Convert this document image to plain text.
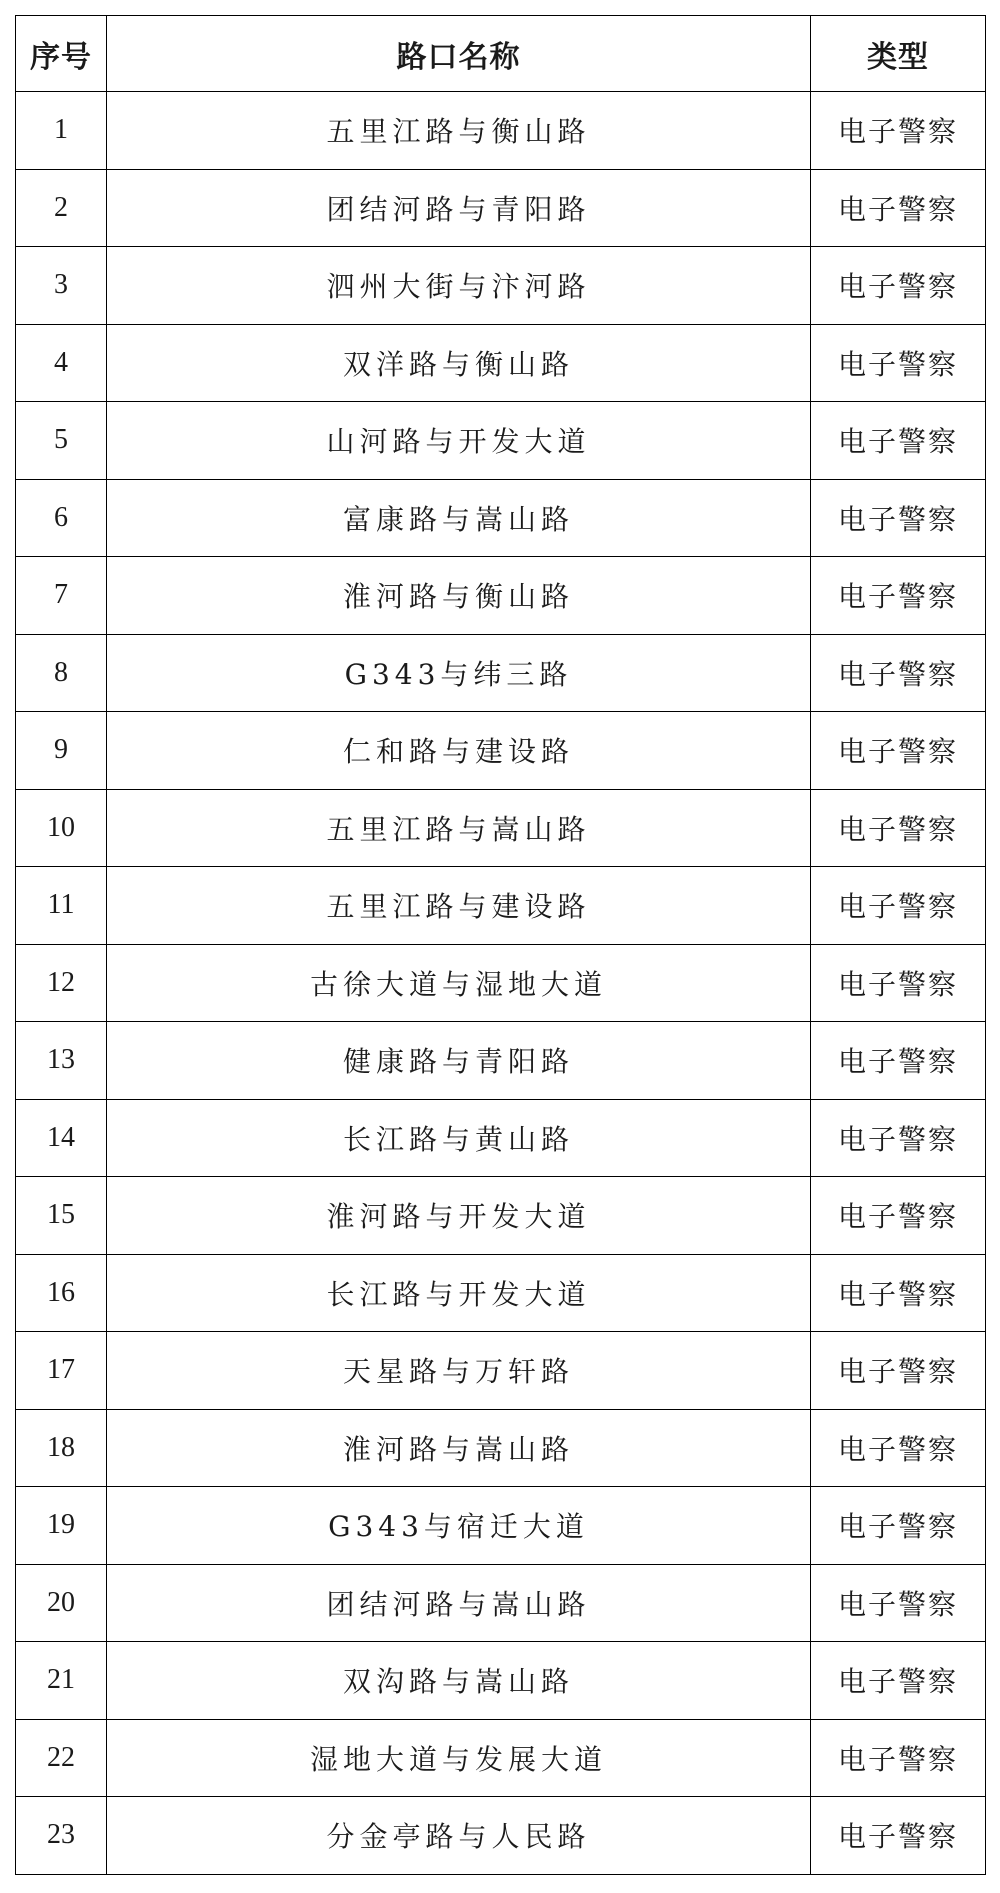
序号	路口名称	类型
1	五里江路与衡山路	电子警察
2	团结河路与青阳路	电子警察
3	泗州大街与汴河路	电子警察
4	双洋路与衡山路	电子警察
5	山河路与开发大道	电子警察
6	富康路与嵩山路	电子警察
7	淮河路与衡山路	电子警察
8	G343与纬三路	电子警察
9	仁和路与建设路	电子警察
10	五里江路与嵩山路	电子警察
11	五里江路与建设路	电子警察
12	古徐大道与湿地大道	电子警察
13	健康路与青阳路	电子警察
14	长江路与黄山路	电子警察
15	淮河路与开发大道	电子警察
16	长江路与开发大道	电子警察
17	天星路与万轩路	电子警察
18	淮河路与嵩山路	电子警察
19	G343与宿迁大道	电子警察
20	团结河路与嵩山路	电子警察
21	双沟路与嵩山路	电子警察
22	湿地大道与发展大道	电子警察
23	分金亭路与人民路	电子警察
